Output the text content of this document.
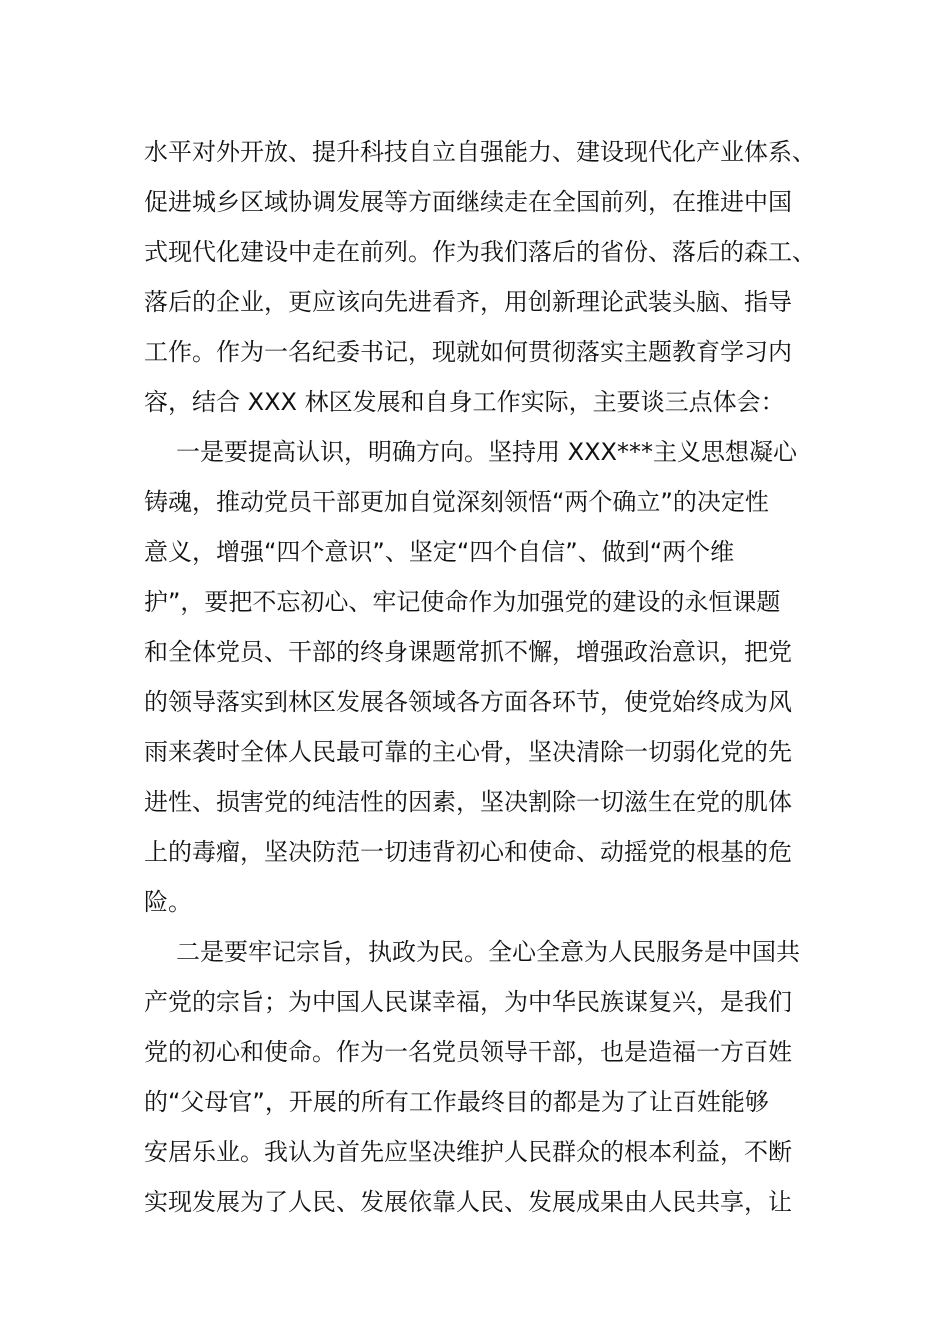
水平对外开放、提升科技自立自强能力、建设现代化产业体系、
促进城乡区域协调发展等方面继续走在全国前列，在推进中国
式现代化建设中走在前列。作为我们落后的省份、落后的森工、
落后的企业，更应该向先进看齐，用创新理论武装头脑、指导
工作。作为一名纪委书记，现就如何贯彻落实主题教育学习内
容，结合 XXX 林区发展和自身工作实际，主要谈三点体会：
一是要提高认识，明确方向。坚持用 XXX***主义思想凝心
铸魂，推动党员干部更加自觉深刻领悟“两个确立”的决定性
意义，增强“四个意识”、坚定“四个自信”、做到“两个维
护”，要把不忘初心、牢记使命作为加强党的建设的永恒课题
和全体党员、干部的终身课题常抓不懈，增强政治意识，把党
的领导落实到林区发展各领域各方面各环节，使党始终成为风
雨来袭时全体人民最可靠的主心骨，坚决清除一切弱化党的先
进性、损害党的纯洁性的因素，坚决割除一切滋生在党的肌体
上的毒瘤，坚决防范一切违背初心和使命、动摇党的根基的危
险。
二是要牢记宗旨，执政为民。全心全意为人民服务是中国共
产党的宗旨；为中国人民谋幸福，为中华民族谋复兴，是我们
党的初心和使命。作为一名党员领导干部，也是造福一方百姓
的“父母官”，开展的所有工作最终目的都是为了让百姓能够
安居乐业。我认为首先应坚决维护人民群众的根本利益，不断
实现发展为了人民、发展依靠人民、发展成果由人民共享，让
